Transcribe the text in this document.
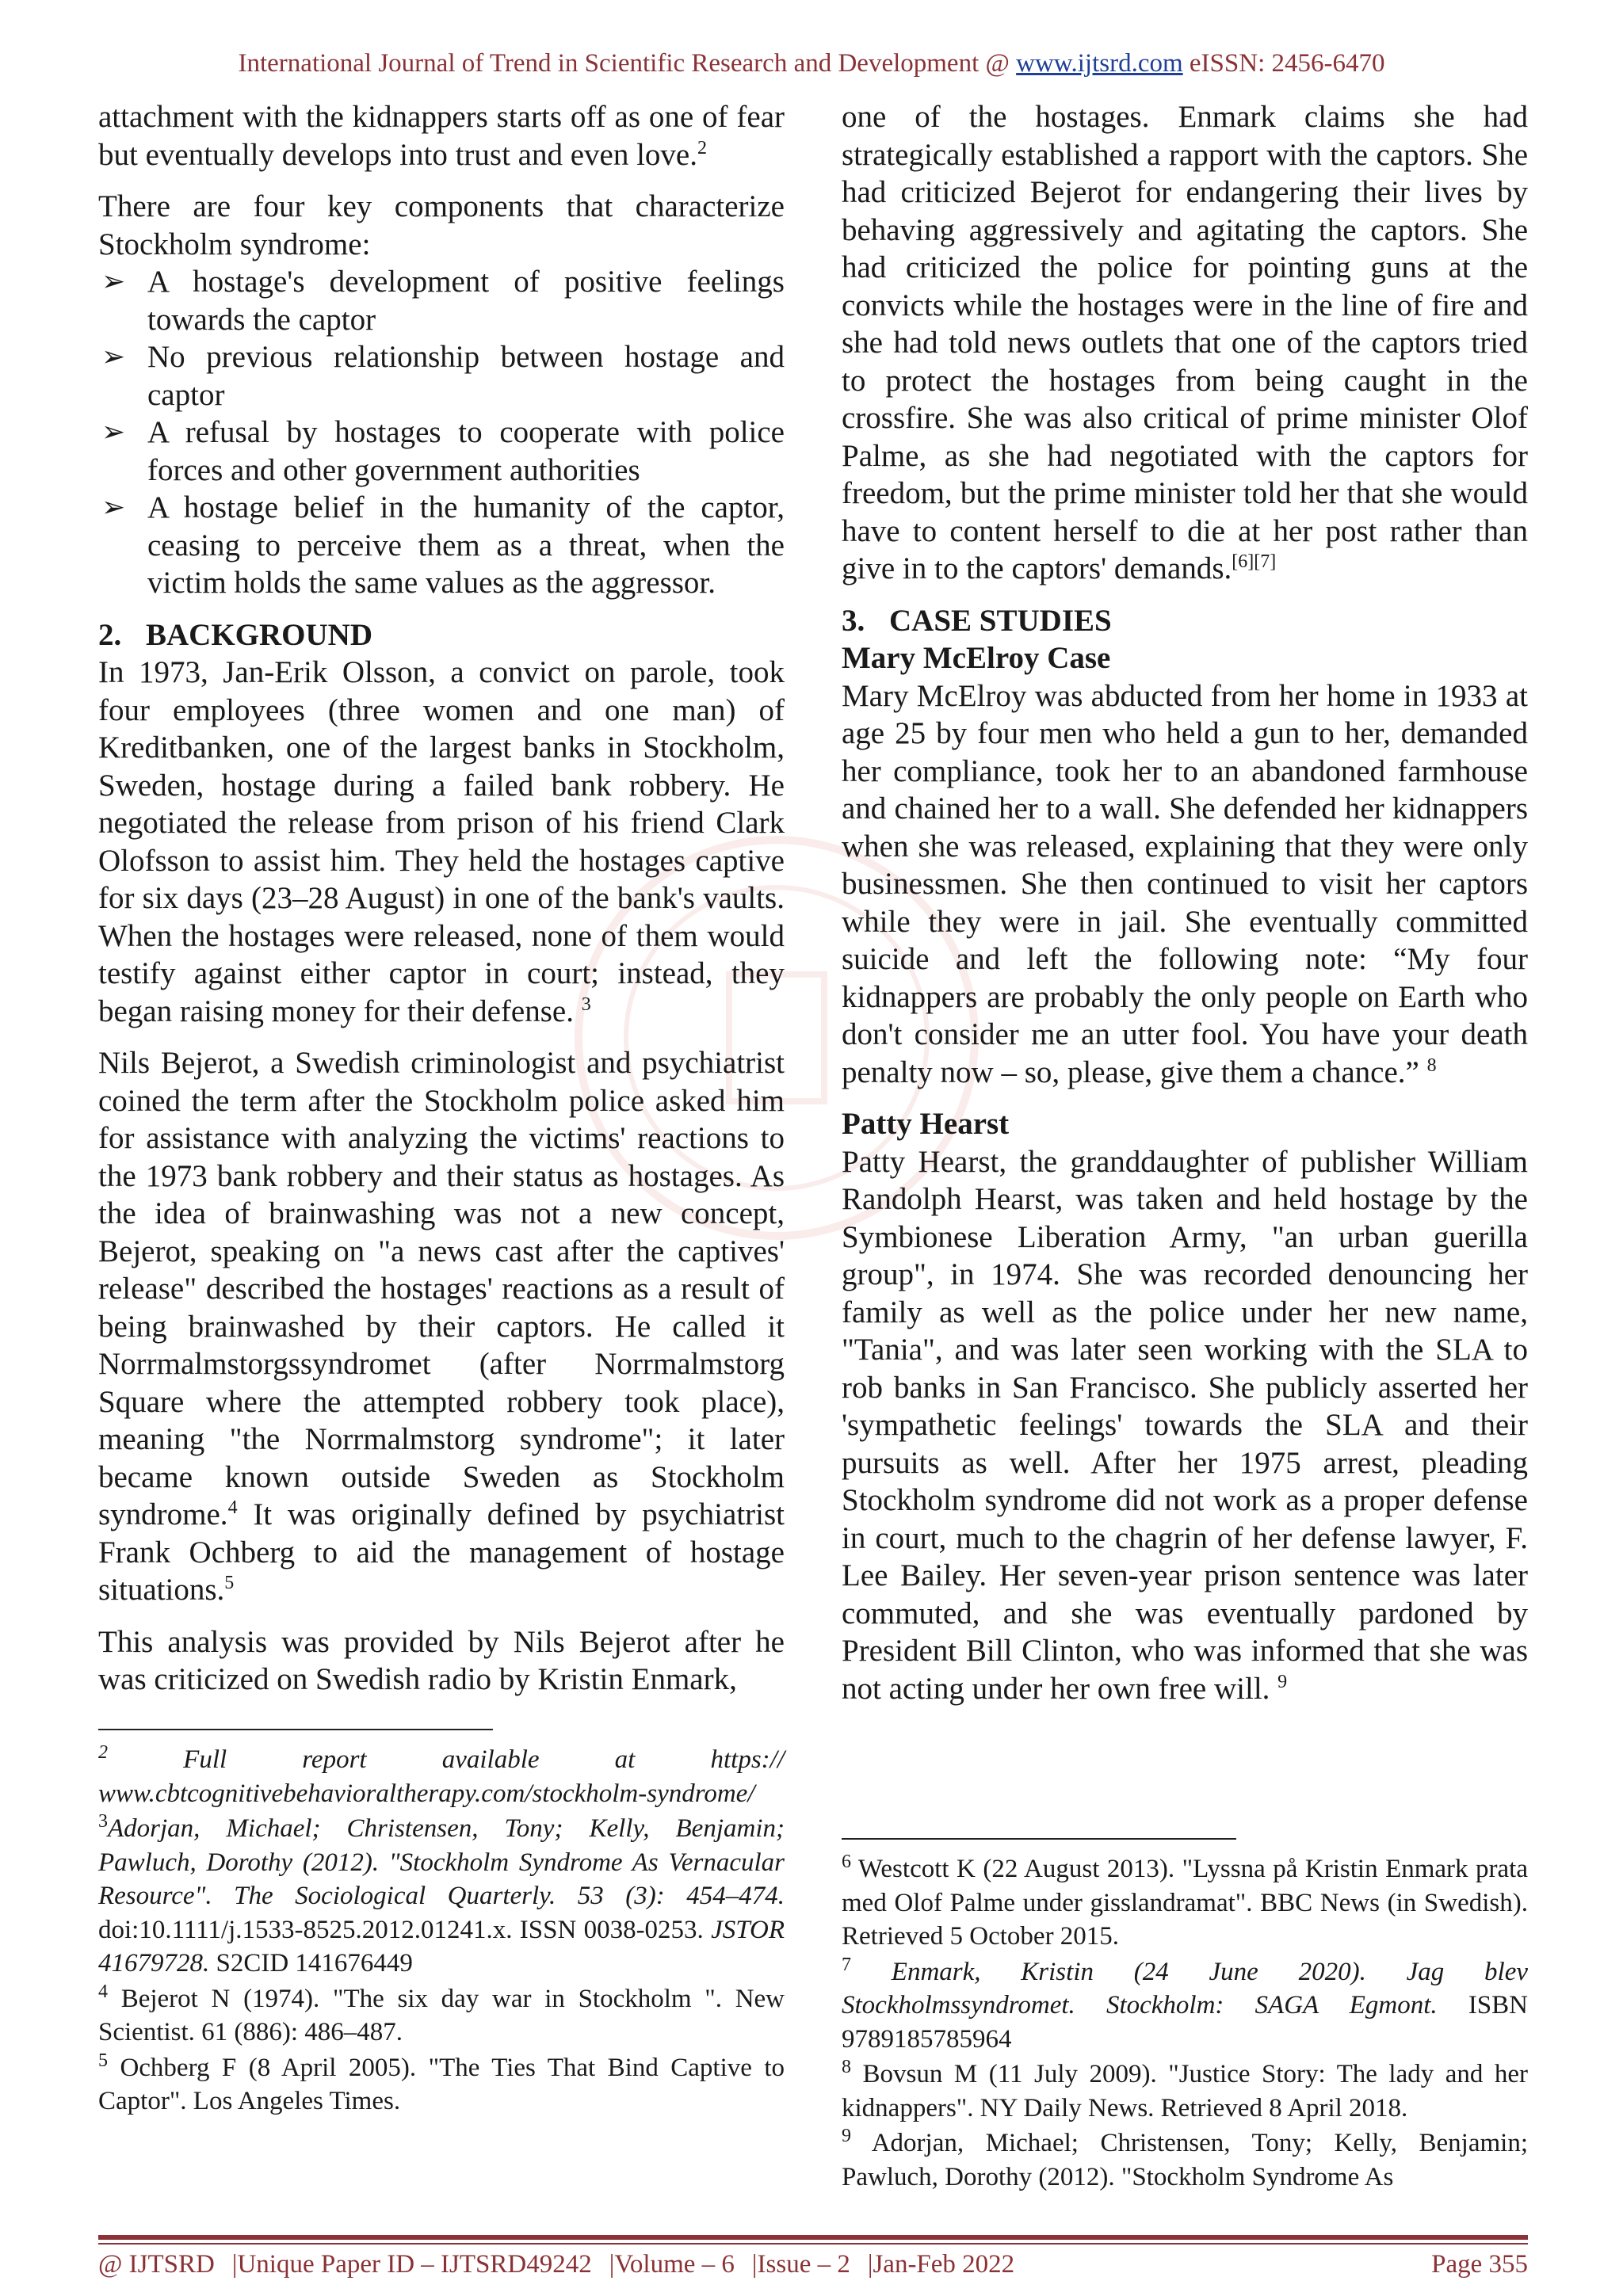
International Journal of Trend in Scientific Research and Development @ www.ijtsrd.com eISSN: 2456-6470

attachment with the kidnappers starts off as one of fear but eventually develops into trust and even love.$^2$

There are four key components that characterize Stockholm syndrome:

➢ A hostage's development of positive feelings towards the captor
➢ No previous relationship between hostage and captor
➢ A refusal by hostages to cooperate with police forces and other government authorities
➢ A hostage belief in the humanity of the captor, ceasing to perceive them as a threat, when the victim holds the same values as the aggressor.
2. BACKGROUND

In 1973, Jan-Erik Olsson, a convict on parole, took four employees (three women and one man) of Kreditbanken, one of the largest banks in Stockholm, Sweden, hostage during a failed bank robbery. He negotiated the release from prison of his friend Clark Olofsson to assist him. They held the hostages captive for six days (23–28 August) in one of the bank's vaults. When the hostages were released, none of them would testify against either captor in court; instead, they began raising money for their defense. $^3$

Nils Bejerot, a Swedish criminologist and psychiatrist coined the term after the Stockholm police asked him for assistance with analyzing the victims' reactions to the 1973 bank robbery and their status as hostages. As the idea of brainwashing was not a new concept, Bejerot, speaking on "a news cast after the captives' release" described the hostages' reactions as a result of being brainwashed by their captors. He called it Norrmalmstorgssyndromet (after Norrmalmstorg Square where the attempted robbery took place), meaning "the Norrmalmstorg syndrome"; it later became known outside Sweden as Stockholm syndrome.$^4$ It was originally defined by psychiatrist Frank Ochberg to aid the management of hostage situations.$^5$

This analysis was provided by Nils Bejerot after he was criticized on Swedish radio by Kristin Enmark,

$^2$	Full report available at https:// www.cbtcognitivebehavioraltherapy.com/stockholm-syndrome/
$^3$Adorjan, Michael; Christensen, Tony; Kelly, Benjamin; Pawluch, Dorothy (2012). "Stockholm Syndrome As Vernacular Resource". The Sociological Quarterly. 53 (3): 454–474. doi:10.1111/j.1533-8525.2012.01241.x. ISSN 0038-0253. JSTOR 41679728. S2CID 141676449
$^4$ Bejerot N (1974). "The six day war in Stockholm ". New Scientist. 61 (886): 486–487.
$^5$ Ochberg F (8 April 2005). "The Ties That Bind Captive to Captor". Los Angeles Times.

one of the hostages. Enmark claims she had strategically established a rapport with the captors. She had criticized Bejerot for endangering their lives by behaving aggressively and agitating the captors. She had criticized the police for pointing guns at the convicts while the hostages were in the line of fire and she had told news outlets that one of the captors tried to protect the hostages from being caught in the crossfire. She was also critical of prime minister Olof Palme, as she had negotiated with the captors for freedom, but the prime minister told her that she would have to content herself to die at her post rather than give in to the captors' demands.[6][7]

3. CASE STUDIES
Mary McElroy Case

Mary McElroy was abducted from her home in 1933 at age 25 by four men who held a gun to her, demanded her compliance, took her to an abandoned farmhouse and chained her to a wall. She defended her kidnappers when she was released, explaining that they were only businessmen. She then continued to visit her captors while they were in jail. She eventually committed suicide and left the following note: “My four kidnappers are probably the only people on Earth who don't consider me an utter fool. You have your death penalty now – so, please, give them a chance.” $^8$

Patty Hearst

Patty Hearst, the granddaughter of publisher William Randolph Hearst, was taken and held hostage by the Symbionese Liberation Army, "an urban guerilla group", in 1974. She was recorded denouncing her family as well as the police under her new name, "Tania", and was later seen working with the SLA to rob banks in San Francisco. She publicly asserted her 'sympathetic feelings' towards the SLA and their pursuits as well. After her 1975 arrest, pleading Stockholm syndrome did not work as a proper defense in court, much to the chagrin of her defense lawyer, F. Lee Bailey. Her seven-year prison sentence was later commuted, and she was eventually pardoned by President Bill Clinton, who was informed that she was not acting under her own free will. $^9$

$^6$ Westcott K (22 August 2013). "Lyssna på Kristin Enmark prata med Olof Palme under gisslandramat". BBC News (in Swedish). Retrieved 5 October 2015.
$^7$ Enmark, Kristin (24 June 2020). Jag blev Stockholmssyndromet. Stockholm: SAGA Egmont. ISBN 9789185785964
$^8$ Bovsun M (11 July 2009). "Justice Story: The lady and her kidnappers". NY Daily News. Retrieved 8 April 2018.
$^9$ Adorjan, Michael; Christensen, Tony; Kelly, Benjamin; Pawluch, Dorothy (2012). "Stockholm Syndrome As
@ IJTSRD |Unique Paper ID – IJTSRD49242 |Volume – 6 |Issue – 2 |Jan-Feb 2022	Page 355
